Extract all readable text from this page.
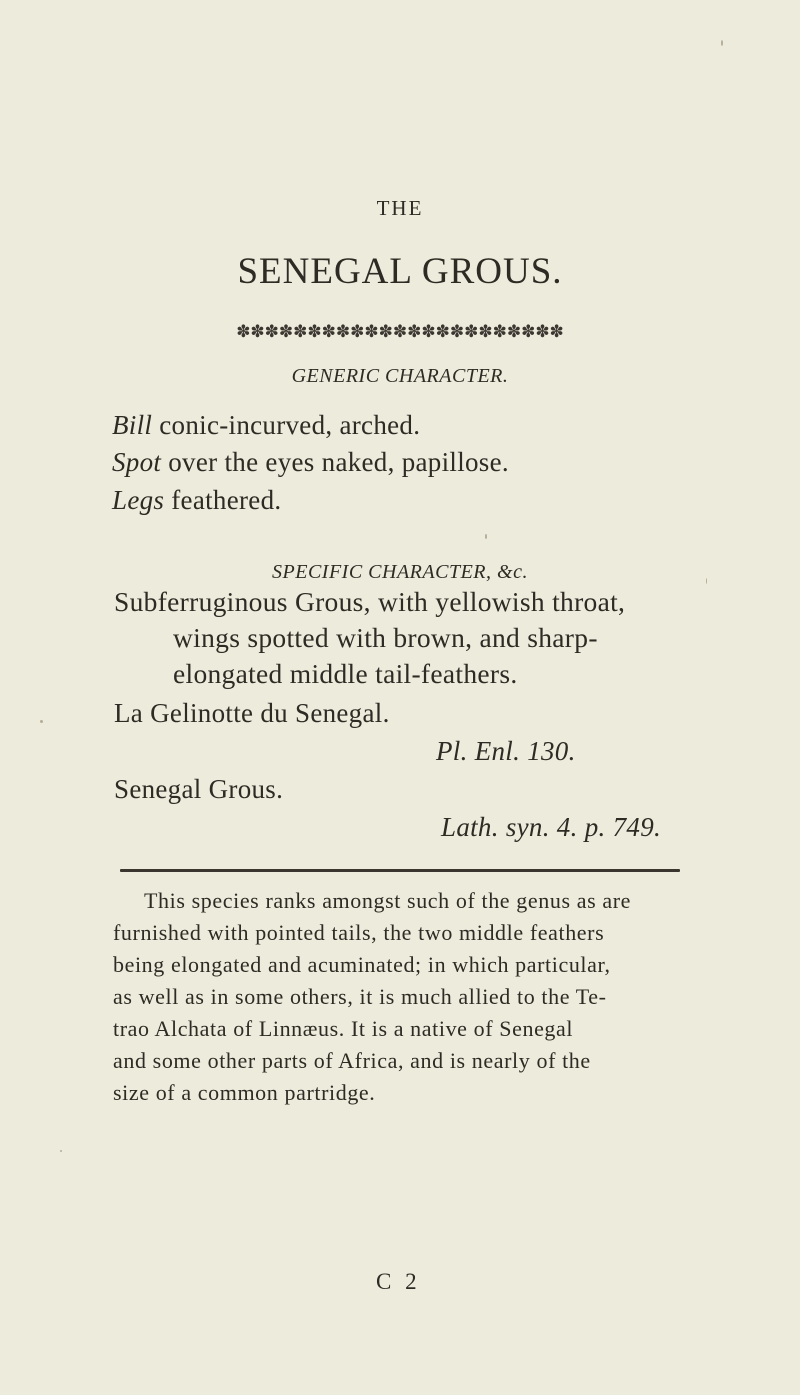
THE
SENEGAL GROUS.
✽✽✽✽✽✽✽✽✽✽✽✽✽✽✽✽✽✽✽✽✽✽✽
GENERIC CHARACTER.
Bill conic-incurved, arched.
Spot over the eyes naked, papillose.
Legs feathered.
SPECIFIC CHARACTER, &c.
Subferruginous Grous, with yellowish throat,
wings spotted with brown, and sharp-
elongated middle tail-feathers.
La Gelinotte du Senegal.
Pl. Enl. 130.
Senegal Grous.
Lath. syn. 4. p. 749.
This species ranks amongst such of the genus as are
furnished with pointed tails, the two middle feathers
being elongated and acuminated; in which particular,
as well as in some others, it is much allied to the Te-
trao Alchata of Linnæus. It is a native of Senegal
and some other parts of Africa, and is nearly of the
size of a common partridge.
C 2
